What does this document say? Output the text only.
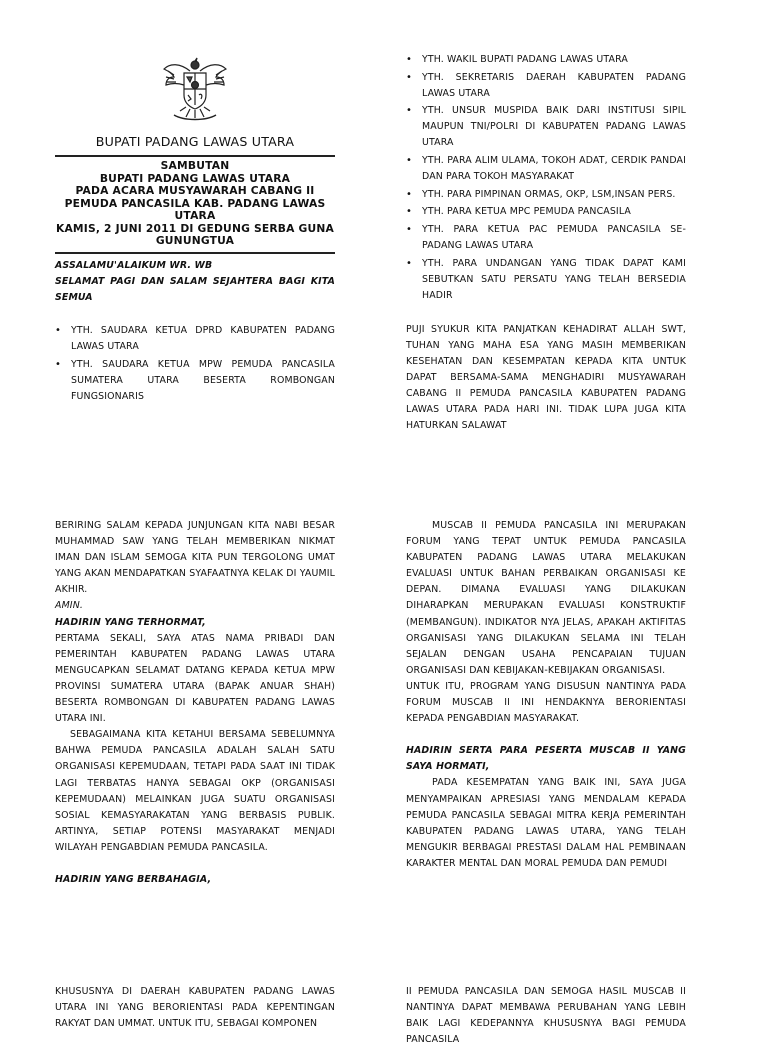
BUPATI PADANG LAWAS UTARA
SAMBUTAN
BUPATI PADANG LAWAS UTARA
PADA ACARA MUSYAWARAH CABANG II
PEMUDA PANCASILA KAB. PADANG LAWAS
UTARA
KAMIS, 2 JUNI 2011 DI GEDUNG SERBA GUNA
GUNUNGTUA

ASSALAMU'ALAIKUM WR. WB

SELAMAT PAGI DAN SALAM SEJAHTERA BAGI KITA SEMUA

• YTH. SAUDARA KETUA DPRD KABUPATEN PADANG LAWAS UTARA
• YTH. SAUDARA KETUA MPW PEMUDA PANCASILA SUMATERA UTARA BESERTA ROMBONGAN FUNGSIONARIS
• YTH. WAKIL BUPATI PADANG LAWAS UTARA
• YTH. SEKRETARIS DAERAH KABUPATEN PADANG LAWAS UTARA
• YTH. UNSUR MUSPIDA BAIK DARI INSTITUSI SIPIL MAUPUN TNI/POLRI DI KABUPATEN PADANG LAWAS UTARA
• YTH. PARA ALIM ULAMA, TOKOH ADAT, CERDIK PANDAI DAN PARA TOKOH MASYARAKAT
• YTH. PARA PIMPINAN ORMAS, OKP, LSM,INSAN PERS.
• YTH. PARA KETUA MPC PEMUDA PANCASILA
• YTH. PARA KETUA PAC PEMUDA PANCASILA SE-PADANG LAWAS UTARA
• YTH. PARA UNDANGAN YANG TIDAK DAPAT KAMI SEBUTKAN SATU PERSATU YANG TELAH BERSEDIA HADIR

PUJI SYUKUR KITA PANJATKAN KEHADIRAT ALLAH SWT, TUHAN YANG MAHA ESA YANG MASIH MEMBERIKAN KESEHATAN DAN KESEMPATAN KEPADA KITA UNTUK DAPAT BERSAMA-SAMA MENGHADIRI MUSYAWARAH CABANG II PEMUDA PANCASILA KABUPATEN PADANG LAWAS UTARA PADA HARI INI. TIDAK LUPA JUGA KITA HATURKAN SALAWAT

BERIRING SALAM KEPADA JUNJUNGAN KITA NABI BESAR MUHAMMAD SAW YANG TELAH MEMBERIKAN NIKMAT IMAN DAN ISLAM SEMOGA KITA PUN TERGOLONG UMAT YANG AKAN MENDAPATKAN SYAFAATNYA KELAK DI YAUMIL AKHIR.

AMIN.

HADIRIN YANG TERHORMAT,

PERTAMA SEKALI, SAYA ATAS NAMA PRIBADI DAN PEMERINTAH KABUPATEN PADANG LAWAS UTARA MENGUCAPKAN SELAMAT DATANG KEPADA KETUA MPW PROVINSI SUMATERA UTARA (BAPAK ANUAR SHAH) BESERTA ROMBONGAN DI KABUPATEN PADANG LAWAS UTARA INI.

SEBAGAIMANA KITA KETAHUI BERSAMA SEBELUMNYA BAHWA PEMUDA PANCASILA ADALAH SALAH SATU ORGANISASI KEPEMUDAAN, TETAPI PADA SAAT INI TIDAK LAGI TERBATAS HANYA SEBAGAI OKP (ORGANISASI KEPEMUDAAN) MELAINKAN JUGA SUATU ORGANISASI SOSIAL KEMASYARAKATAN YANG BERBASIS PUBLIK. ARTINYA, SETIAP POTENSI MASYARAKAT MENJADI WILAYAH PENGABDIAN PEMUDA PANCASILA.

HADIRIN YANG BERBAHAGIA,

MUSCAB II PEMUDA PANCASILA INI MERUPAKAN FORUM YANG TEPAT UNTUK PEMUDA PANCASILA KABUPATEN PADANG LAWAS UTARA MELAKUKAN EVALUASI UNTUK BAHAN PERBAIKAN ORGANISASI KE DEPAN. DIMANA EVALUASI YANG DILAKUKAN DIHARAPKAN MERUPAKAN EVALUASI KONSTRUKTIF (MEMBANGUN). INDIKATOR NYA JELAS, APAKAH AKTIFITAS ORGANISASI YANG DILAKUKAN SELAMA INI TELAH SEJALAN DENGAN USAHA PENCAPAIAN TUJUAN ORGANISASI DAN KEBIJAKAN-KEBIJAKAN ORGANISASI.

UNTUK ITU, PROGRAM YANG DISUSUN NANTINYA PADA FORUM MUSCAB II INI HENDAKNYA BERORIENTASI KEPADA PENGABDIAN MASYARAKAT.

HADIRIN SERTA PARA PESERTA MUSCAB II YANG SAYA HORMATI,

PADA KESEMPATAN YANG BAIK INI, SAYA JUGA MENYAMPAIKAN APRESIASI YANG MENDALAM KEPADA PEMUDA PANCASILA SEBAGAI MITRA KERJA PEMERINTAH KABUPATEN PADANG LAWAS UTARA, YANG TELAH MENGUKIR BERBAGAI PRESTASI DALAM HAL PEMBINAAN KARAKTER MENTAL DAN MORAL PEMUDA DAN PEMUDI

KHUSUSNYA DI DAERAH KABUPATEN PADANG LAWAS UTARA INI YANG BERORIENTASI PADA KEPENTINGAN RAKYAT DAN UMMAT. UNTUK ITU, SEBAGAI KOMPONEN

II PEMUDA PANCASILA DAN SEMOGA HASIL MUSCAB II NANTINYA DAPAT MEMBAWA PERUBAHAN YANG LEBIH BAIK LAGI KEDEPANNYA KHUSUSNYA BAGI PEMUDA PANCASILA
